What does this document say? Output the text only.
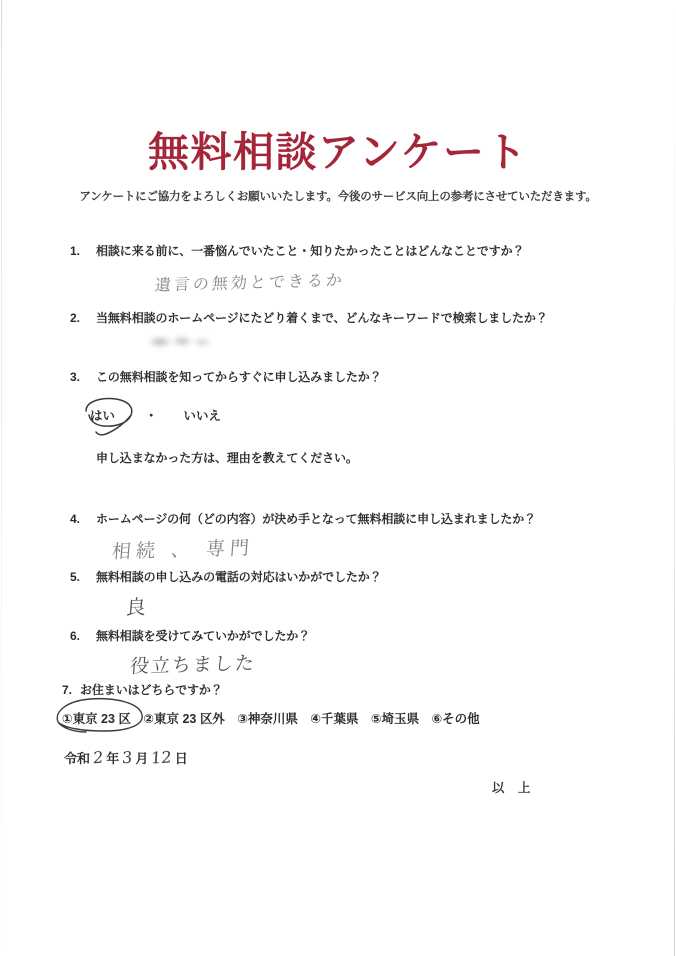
無料相談アンケート
アンケートにご協力をよろしくお願いいたします。今後のサービス向上の参考にさせていただきます。
1.	相談に来る前に、一番悩んでいたこと・知りたかったことはどんなことですか？
遺言の無効とできるか
2.	当無料相談のホームページにたどり着くまで、どんなキーワードで検索しましたか？
3.	この無料相談を知ってからすぐに申し込みましたか？
はい ・ いいえ
申し込まなかった方は、理由を教えてください。
4.	ホームページの何（どの内容）が決め手となって無料相談に申し込まれましたか？
相続 、 専門
5.	無料相談の申し込みの電話の対応はいかがでしたか？
良
6.	無料相談を受けてみていかがでしたか？
役立ちました
7. お住まいはどちらですか？
①東京 23 区 ②東京 23 区外 ③神奈川県 ④千葉県 ⑤埼玉県 ⑥その他
令和 2 年 3 月 12 日
以 上
